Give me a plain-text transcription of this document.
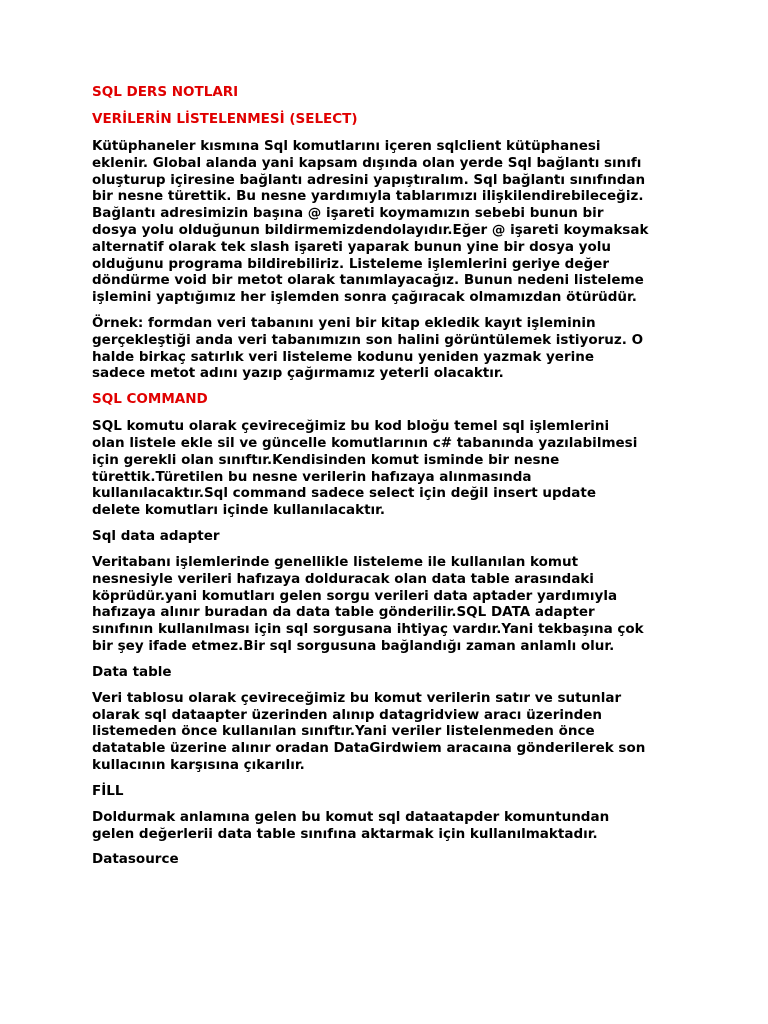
SQL DERS NOTLARI
VERİLERİN LİSTELENMESİ (SELECT)
Kütüphaneler kısmına Sql komutlarını içeren sqlclient kütüphanesi
eklenir. Global alanda yani kapsam dışında olan yerde Sql bağlantı sınıfı
oluşturup içiresine bağlantı adresini yapıştıralım. Sql bağlantı sınıfından
bir nesne türettik. Bu nesne yardımıyla tablarımızı ilişkilendirebileceğiz.
Bağlantı adresimizin başına @ işareti koymamızın sebebi bunun bir
dosya yolu olduğunun bildirmemizdendolayıdır.Eğer @ işareti koymaksak
alternatif olarak tek slash işareti yaparak bunun yine bir dosya yolu
olduğunu programa bildirebiliriz. Listeleme işlemlerini geriye değer
döndürme void bir metot olarak tanımlayacağız. Bunun nedeni listeleme
işlemini yaptığımız her işlemden sonra çağıracak olmamızdan ötürüdür.
Örnek: formdan veri tabanını yeni bir kitap ekledik kayıt işleminin
gerçekleştiği anda veri tabanımızın son halini görüntülemek istiyoruz. O
halde birkaç satırlık veri listeleme kodunu yeniden yazmak yerine
sadece metot adını yazıp çağırmamız yeterli olacaktır.
SQL COMMAND
SQL komutu olarak çevireceğimiz bu kod bloğu temel sql işlemlerini
olan listele ekle sil ve güncelle komutlarının c# tabanında yazılabilmesi
için gerekli olan sınıftır.Kendisinden komut isminde bir nesne
türettik.Türetilen bu nesne verilerin hafızaya alınmasında
kullanılacaktır.Sql command sadece select için değil insert update
delete komutları içinde kullanılacaktır.
Sql data adapter
Veritabanı işlemlerinde genellikle listeleme ile kullanılan komut
nesnesiyle verileri hafızaya dolduracak olan data table arasındaki
köprüdür.yani komutları gelen sorgu verileri data aptader yardımıyla
hafızaya alınır buradan da data table gönderilir.SQL DATA adapter
sınıfının kullanılması için sql sorgusana ihtiyaç vardır.Yani tekbaşına çok
bir şey ifade etmez.Bir sql sorgusuna bağlandığı zaman anlamlı olur.
Data table
Veri tablosu olarak çevireceğimiz bu komut verilerin satır ve sutunlar
olarak sql dataapter üzerinden alınıp datagridview aracı üzerinden
listemeden önce kullanılan sınıftır.Yani veriler listelenmeden önce
datatable üzerine alınır oradan DataGirdwiem aracaına gönderilerek son
kullacının karşısına çıkarılır.
FİLL
Doldurmak anlamına gelen bu komut sql dataatapder komuntundan
gelen değerlerii data table sınıfına aktarmak için kullanılmaktadır.
Datasource
